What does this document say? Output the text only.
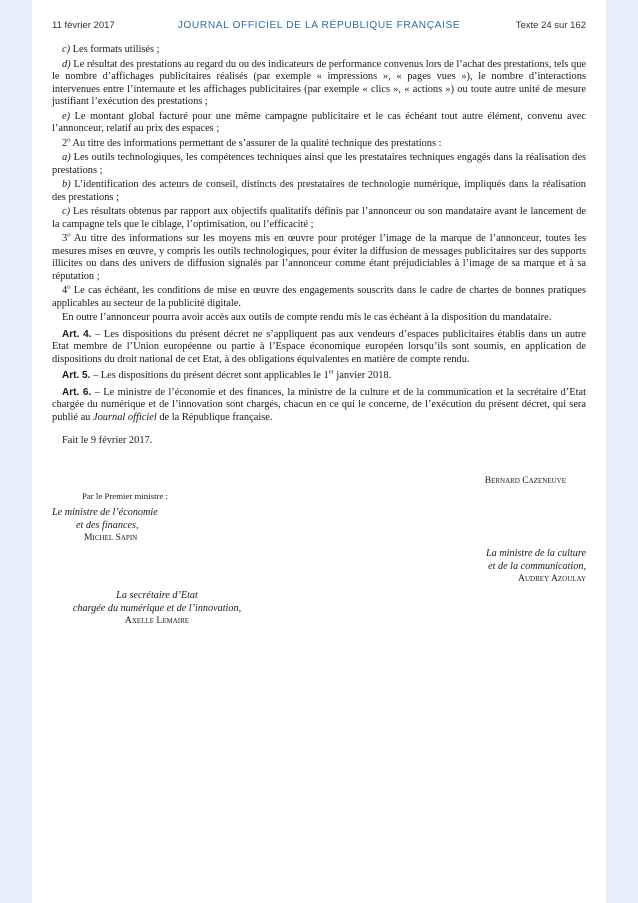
11 février 2017	JOURNAL OFFICIEL DE LA RÉPUBLIQUE FRANÇAISE	Texte 24 sur 162

c) Les formats utilisés ;

d) Le résultat des prestations au regard du ou des indicateurs de performance convenus lors de l’achat des prestations, tels que le nombre d’affichages publicitaires réalisés (par exemple « impressions », « pages vues »), le nombre d’interactions intervenues entre l’internaute et les affichages publicitaires (par exemple « clics », « actions ») ou toute autre unité de mesure justifiant l’exécution des prestations ;

e) Le montant global facturé pour une même campagne publicitaire et le cas échéant tout autre élément, convenu avec l’annonceur, relatif au prix des espaces ;

2$^o$ Au titre des informations permettant de s’assurer de la qualité technique des prestations :

a) Les outils technologiques, les compétences techniques ainsi que les prestataires techniques engagés dans la réalisation des prestations ;

b) L’identification des acteurs de conseil, distincts des prestataires de technologie numérique, impliqués dans la réalisation des prestations ;

c) Les résultats obtenus par rapport aux objectifs qualitatifs définis par l’annonceur ou son mandataire avant le lancement de la campagne tels que le ciblage, l’optimisation, ou l’efficacité ;

3$^o$ Au titre des informations sur les moyens mis en œuvre pour protéger l’image de la marque de l’annonceur, toutes les mesures mises en œuvre, y compris les outils technologiques, pour éviter la diffusion de messages publicitaires sur des supports illicites ou dans des univers de diffusion signalés par l’annonceur comme étant préjudiciables à l’image de sa marque et à sa réputation ;

4$^o$ Le cas échéant, les conditions de mise en œuvre des engagements souscrits dans le cadre de chartes de bonnes pratiques applicables au secteur de la publicité digitale.

En outre l’annonceur pourra avoir accès aux outils de compte rendu mis le cas échéant à la disposition du mandataire.

Art. 4. – Les dispositions du présent décret ne s’appliquent pas aux vendeurs d’espaces publicitaires établis dans un autre Etat membre de l’Union européenne ou partie à l’Espace économique européen lorsqu’ils sont soumis, en application de dispositions du droit national de cet Etat, à des obligations équivalentes en matière de compte rendu.

Art. 5. – Les dispositions du présent décret sont applicables le 1er janvier 2018.

Art. 6. – Le ministre de l’économie et des finances, la ministre de la culture et de la communication et la secrétaire d’Etat chargée du numérique et de l’innovation sont chargés, chacun en ce qui le concerne, de l’exécution du présent décret, qui sera publié au Journal officiel de la République française.

Fait le 9 février 2017.
Bernard Cazeneuve
Par le Premier ministre :
Le ministre de l’économie
et des finances,
Michel Sapin
La ministre de la culture
et de la communication,
Audrey Azoulay
La secrétaire d’Etat
chargée du numérique et de l’innovation,
Axelle Lemaire
